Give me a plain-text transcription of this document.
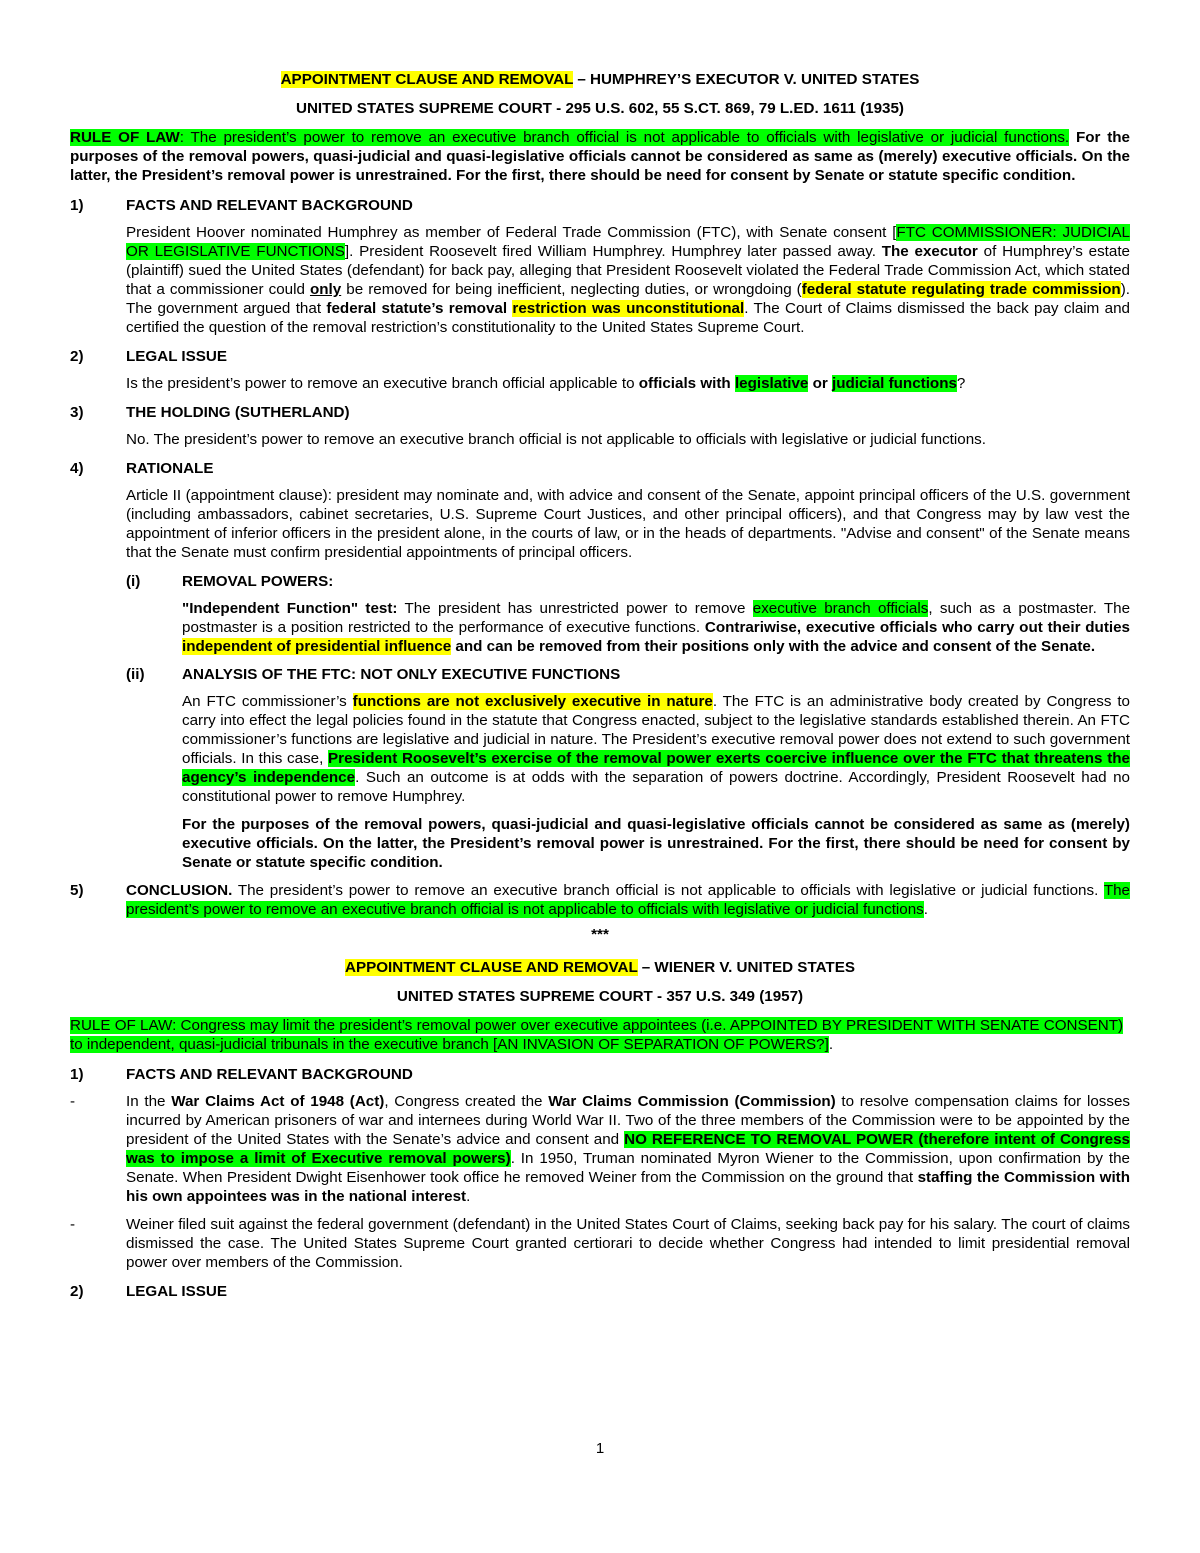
APPOINTMENT CLAUSE AND REMOVAL – HUMPHREY’S EXECUTOR V. UNITED STATES

UNITED STATES SUPREME COURT - 295 U.S. 602, 55 S.CT. 869, 79 L.ED. 1611 (1935)

RULE OF LAW: The president’s power to remove an executive branch official is not applicable to officials with legislative or judicial functions. For the purposes of the removal powers, quasi-judicial and quasi-legislative officials cannot be considered as same as (merely) executive officials. On the latter, the President’s removal power is unrestrained. For the first, there should be need for consent by Senate or statute specific condition.

1)	FACTS AND RELEVANT BACKGROUND

President Hoover nominated Humphrey as member of Federal Trade Commission (FTC), with Senate consent [FTC COMMISSIONER: JUDICIAL OR LEGISLATIVE FUNCTIONS]. President Roosevelt fired William Humphrey. Humphrey later passed away. The executor of Humphrey’s estate (plaintiff) sued the United States (defendant) for back pay, alleging that President Roosevelt violated the Federal Trade Commission Act, which stated that a commissioner could only be removed for being inefficient, neglecting duties, or wrongdoing (federal statute regulating trade commission). The government argued that federal statute’s removal restriction was unconstitutional. The Court of Claims dismissed the back pay claim and certified the question of the removal restriction’s constitutionality to the United States Supreme Court.

2)	LEGAL ISSUE

Is the president’s power to remove an executive branch official applicable to officials with legislative or judicial functions?

3)	THE HOLDING (SUTHERLAND)

No. The president’s power to remove an executive branch official is not applicable to officials with legislative or judicial functions.

4)	RATIONALE

Article II (appointment clause): president may nominate and, with advice and consent of the Senate, appoint principal officers of the U.S. government (including ambassadors, cabinet secretaries, U.S. Supreme Court Justices, and other principal officers), and that Congress may by law vest the appointment of inferior officers in the president alone, in the courts of law, or in the heads of departments. "Advise and consent" of the Senate means that the Senate must confirm presidential appointments of principal officers.

(i)	REMOVAL POWERS:

"Independent Function" test: The president has unrestricted power to remove executive branch officials, such as a postmaster. The postmaster is a position restricted to the performance of executive functions. Contrariwise, executive officials who carry out their duties independent of presidential influence and can be removed from their positions only with the advice and consent of the Senate.

(ii)	ANALYSIS OF THE FTC: NOT ONLY EXECUTIVE FUNCTIONS

An FTC commissioner’s functions are not exclusively executive in nature. The FTC is an administrative body created by Congress to carry into effect the legal policies found in the statute that Congress enacted, subject to the legislative standards established therein. An FTC commissioner’s functions are legislative and judicial in nature. The President’s executive removal power does not extend to such government officials. In this case, President Roosevelt’s exercise of the removal power exerts coercive influence over the FTC that threatens the agency’s independence. Such an outcome is at odds with the separation of powers doctrine. Accordingly, President Roosevelt had no constitutional power to remove Humphrey.

For the purposes of the removal powers, quasi-judicial and quasi-legislative officials cannot be considered as same as (merely) executive officials. On the latter, the President’s removal power is unrestrained. For the first, there should be need for consent by Senate or statute specific condition.

5)	CONCLUSION. The president’s power to remove an executive branch official is not applicable to officials with legislative or judicial functions. The president’s power to remove an executive branch official is not applicable to officials with legislative or judicial functions.

***

APPOINTMENT CLAUSE AND REMOVAL – WIENER V. UNITED STATES

UNITED STATES SUPREME COURT - 357 U.S. 349 (1957)

RULE OF LAW: Congress may limit the president’s removal power over executive appointees (i.e. APPOINTED BY PRESIDENT WITH SENATE CONSENT) to independent, quasi-judicial tribunals in the executive branch [AN INVASION OF SEPARATION OF POWERS?].

1)	FACTS AND RELEVANT BACKGROUND
-	In the War Claims Act of 1948 (Act), Congress created the War Claims Commission (Commission) to resolve compensation claims for losses incurred by American prisoners of war and internees during World War II. Two of the three members of the Commission were to be appointed by the president of the United States with the Senate’s advice and consent and NO REFERENCE TO REMOVAL POWER (therefore intent of Congress was to impose a limit of Executive removal powers). In 1950, Truman nominated Myron Wiener to the Commission, upon confirmation by the Senate. When President Dwight Eisenhower took office he removed Weiner from the Commission on the ground that staffing the Commission with his own appointees was in the national interest.
-	Weiner filed suit against the federal government (defendant) in the United States Court of Claims, seeking back pay for his salary. The court of claims dismissed the case. The United States Supreme Court granted certiorari to decide whether Congress had intended to limit presidential removal power over members of the Commission.
2)	LEGAL ISSUE
1
